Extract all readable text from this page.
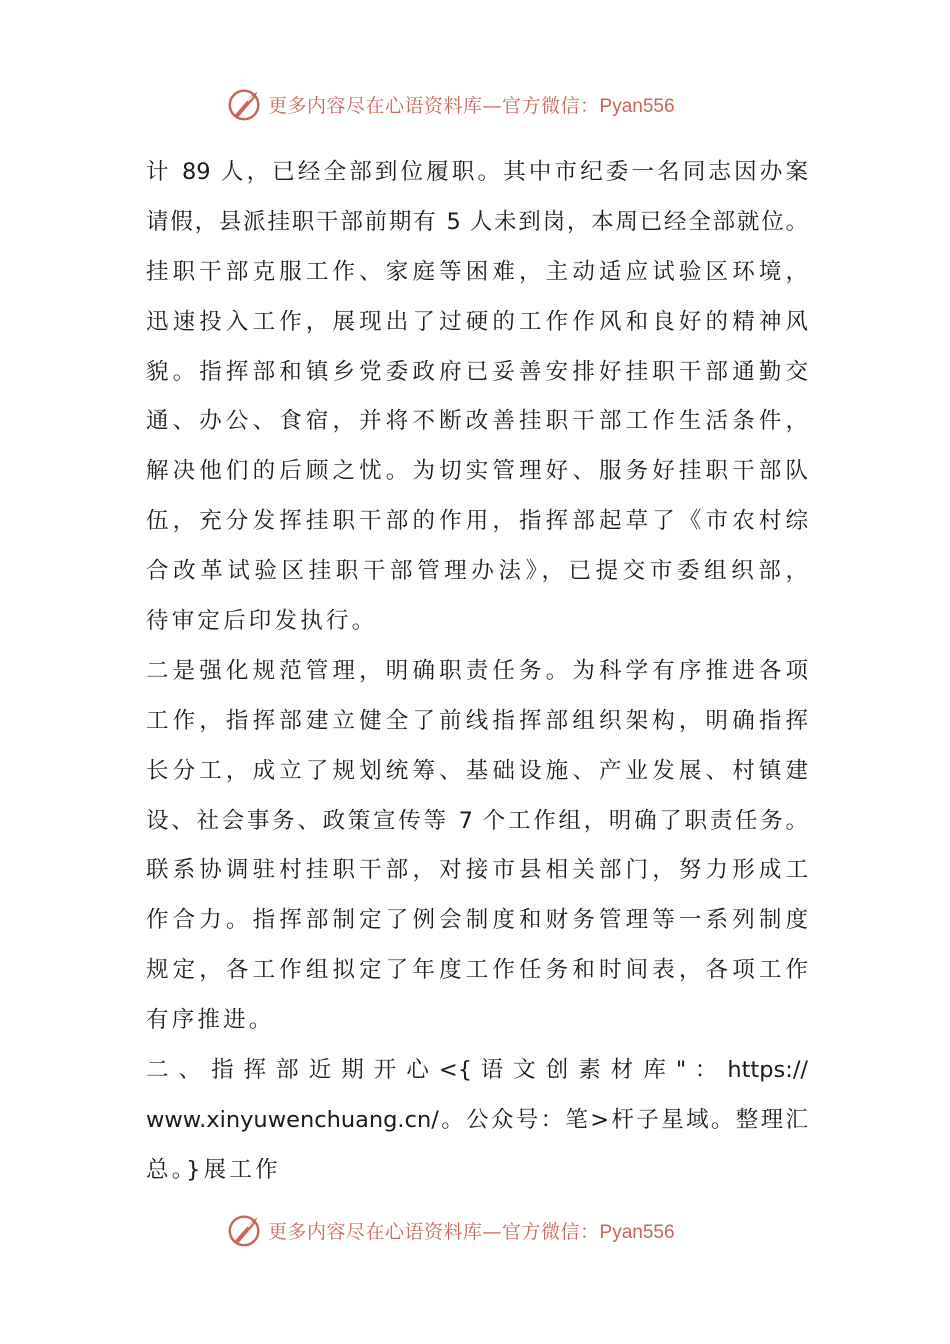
更多内容尽在心语资料库—官方微信：Pyan556
计 89 人，已经全部到位履职。其中市纪委一名同志因办案
请假，县派挂职干部前期有 5 人未到岗，本周已经全部就位。
挂职干部克服工作、家庭等困难，主动适应试验区环境，
迅速投入工作，展现出了过硬的工作作风和良好的精神风
貌。指挥部和镇乡党委政府已妥善安排好挂职干部通勤交
通、办公、食宿，并将不断改善挂职干部工作生活条件，
解决他们的后顾之忧。为切实管理好、服务好挂职干部队
伍，充分发挥挂职干部的作用，指挥部起草了《市农村综
合改革试验区挂职干部管理办法》，已提交市委组织部，
待审定后印发执行。
二是强化规范管理，明确职责任务。为科学有序推进各项
工作，指挥部建立健全了前线指挥部组织架构，明确指挥
长分工，成立了规划统筹、基础设施、产业发展、村镇建
设、社会事务、政策宣传等 7 个工作组，明确了职责任务。
联系协调驻村挂职干部，对接市县相关部门，努力形成工
作合力。指挥部制定了例会制度和财务管理等一系列制度
规定，各工作组拟定了年度工作任务和时间表，各项工作
有序推进。
二 、 指 挥 部 近 期 开 心 <{ 语 文 创 素 材 库 " ： https://
www.xinyuwenchuang.cn/。公众号：笔>杆子星域。整理汇
总。}展工作
更多内容尽在心语资料库—官方微信：Pyan556
